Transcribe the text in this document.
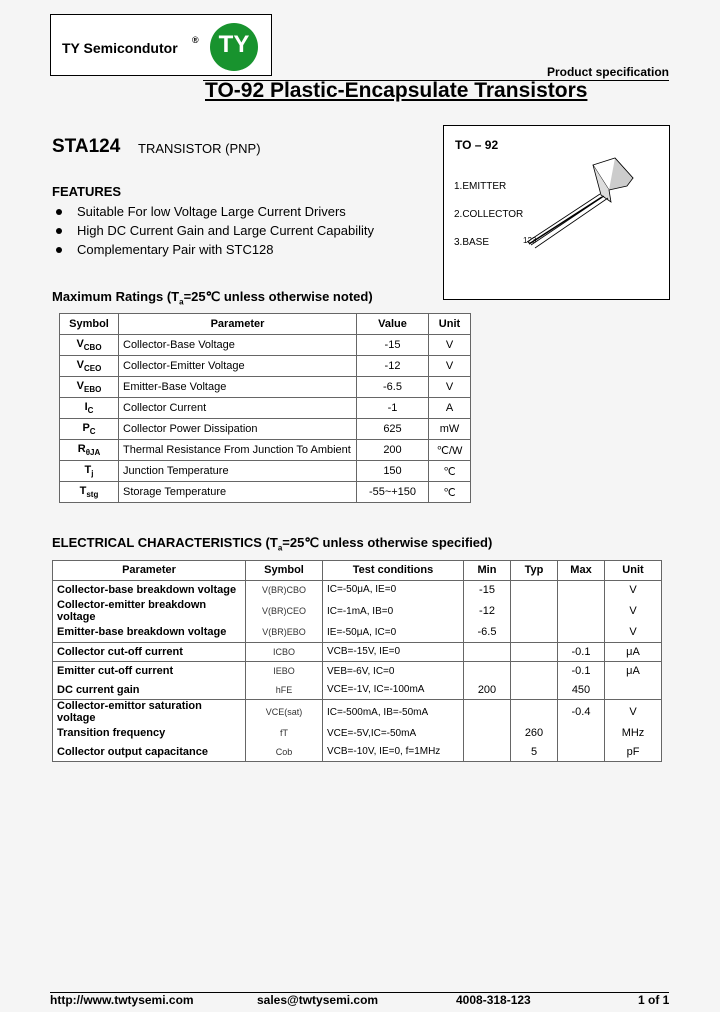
TY Semicondutor ® TY
Product specification
TO-92 Plastic-Encapsulate Transistors
STA124 TRANSISTOR (PNP)	TO – 92
1.EMITTER
2.COLLECTOR
3.BASE	123
FEATURES
Suitable For low Voltage Large Current Drivers
High DC Current Gain and Large Current Capability
Complementary Pair with STC128
Maximum Ratings ($T_a=25℃$ unless otherwise noted)
Symbol	Parameter	Value	Unit
$V_{CBO}$	Collector-Base Voltage	-15	V
$V_{CEO}$	Collector-Emitter Voltage	-12	V
$V_{EBO}$	Emitter-Base Voltage	-6.5	V
$I_C$	Collector Current	-1	A
$P_C$	Collector Power Dissipation	625	mW
$R_{\theta JA}$	Thermal Resistance From Junction To Ambient	200	℃/W
$T_j$	Junction Temperature	150	℃
$T_{stg}$	Storage Temperature	-55~+150	℃
ELECTRICAL CHARACTERISTICS ($T_a=25℃$ unless otherwise specified)
Parameter	Symbol	Test conditions	Min	Typ	Max	Unit
Collector-base breakdown voltage	V(BR)CBO	IC=-50μA, IE=0	-15			V
Collector-emitter breakdown voltage	V(BR)CEO	IC=-1mA, IB=0	-12			V
Emitter-base breakdown voltage	V(BR)EBO	IE=-50μA, IC=0	-6.5			V
Collector cut-off current	ICBO	VCB=-15V, IE=0			-0.1	μA
Emitter cut-off current	IEBO	VEB=-6V, IC=0			-0.1	μA
DC current gain	hFE	VCE=-1V, IC=-100mA	200		450	
Collector-emittor saturation voltage	VCE(sat)	IC=-500mA, IB=-50mA			-0.4	V
Transition frequency	fT	VCE=-5V,IC=-50mA		260		MHz
Collector output capacitance	Cob	VCB=-10V, IE=0, f=1MHz		5		pF
http://www.twtysemi.com	sales@twtysemi.com	4008-318-123	1 of 1
